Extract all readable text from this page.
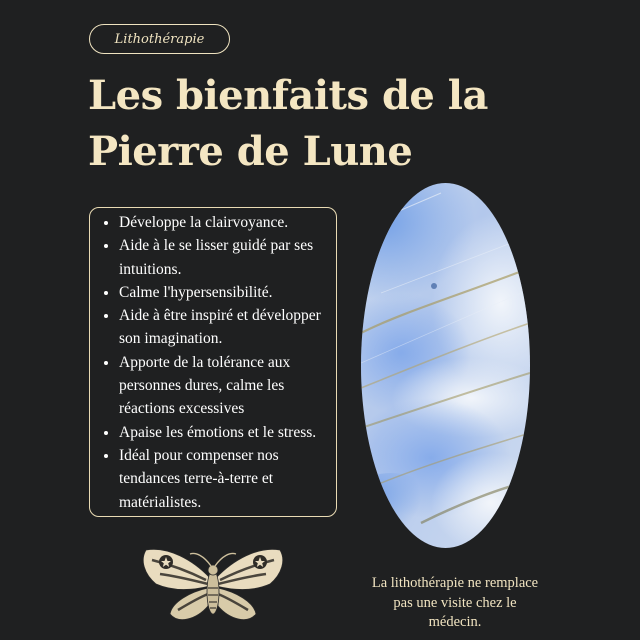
Lithothérapie
Les bienfaits de la Pierre de Lune
• Développe la clairvoyance.
• Aide à le se lisser guidé par ses intuitions.
• Calme l'hypersensibilité.
• Aide à être inspiré et développer son imagination.
• Apporte de la tolérance aux personnes dures, calme les réactions excessives
• Apaise les émotions et le stress.
• Idéal pour compenser nos tendances terre-à-terre et matérialistes.

La lithothérapie ne remplace pas une visite chez le médecin.
